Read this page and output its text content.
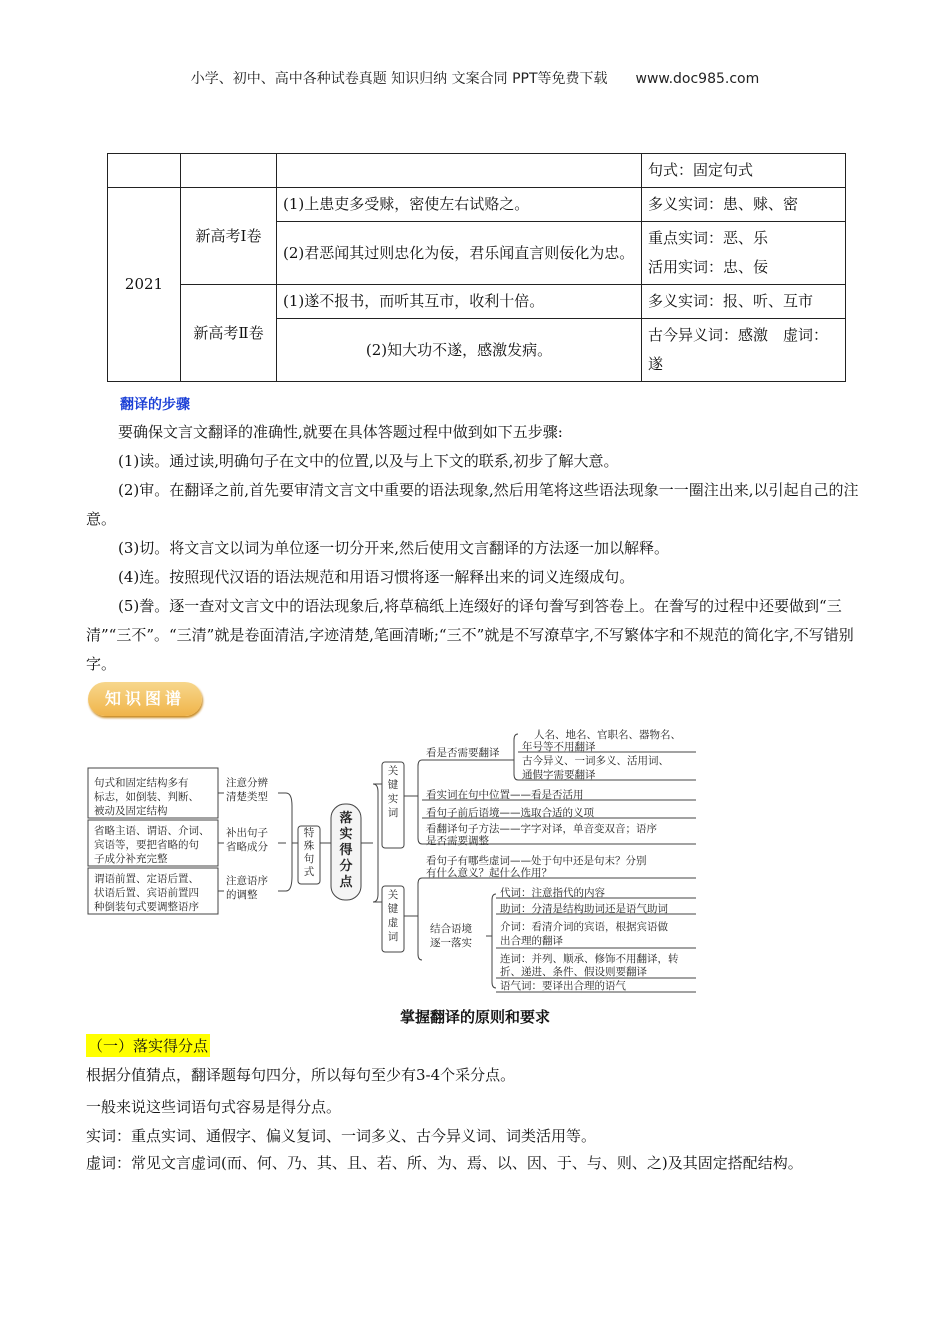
小学、初中、高中各种试卷真题 知识归纳 文案合同 PPT等免费下载 www.doc985.com
			句式：固定句式
2021	新高考Ⅰ卷	(1)上患吏多受赇，密使左右试赂之。	多义实词：患、赇、密
		(2)君恶闻其过则忠化为佞，君乐闻直言则佞化为忠。	重点实词：恶、乐
活用实词：忠、佞

	新高考Ⅱ卷	(1)遂不报书，而听其互市，收利十倍。	多义实词：报、听、互市
		(2)知大功不遂，感激发病。	古今异义词：感激　虚词：遂
翻译的步骤
要确保文言文翻译的准确性,就要在具体答题过程中做到如下五步骤:
(1)读。通过读,明确句子在文中的位置,以及与上下文的联系,初步了解大意。
(2)审。在翻译之前,首先要审清文言文中重要的语法现象,然后用笔将这些语法现象一一圈注出来,以引起自己的注意。
(3)切。将文言文以词为单位逐一切分开来,然后使用文言翻译的方法逐一加以解释。
(4)连。按照现代汉语的语法规范和用语习惯将逐一解释出来的词义连缀成句。
(5)誊。逐一查对文言文中的语法现象后,将草稿纸上连缀好的译句誊写到答卷上。在誊写的过程中还要做到“三清”“三不”。“三清”就是卷面清洁,字迹清楚,笔画清晰;“三不”就是不写潦草字,不写繁体字和不规范的简化字,不写错别字。
知识图谱
句式和固定结构多有
标志，如倒装、判断、
被动及固定结构
注意分辨
清楚类型
省略主语、谓语、介词、
宾语等，要把省略的句
子成分补充完整
补出句子
省略成分
谓语前置、定语后置、
状语后置、宾语前置四
种倒装句式要调整语序
注意语序
的调整
特殊句式
落实得分点
关键实词
关键虚词
看是否需要翻译
人名、地名、官职名、器物名、
年号等不用翻译
古今异义、一词多义、活用词、
通假字需要翻译
看实词在句中位置——看是否活用
看句子前后语境——选取合适的义项
看翻译句子方法——字字对译，单音变双音；语序
是否需要调整
看句子有哪些虚词——处于句中还是句末？分别
有什么意义？起什么作用？
结合语境
逐一落实
代词：注意指代的内容
助词：分清是结构助词还是语气助词
介词：看清介词的宾语，根据宾语做
出合理的翻译
连词：并列、顺承、修饰不用翻译，转
折、递进、条件、假设则要翻译
语气词：要译出合理的语气
掌握翻译的原则和要求
（一）落实得分点
根据分值猜点，翻译题每句四分，所以每句至少有3-4个采分点。
一般来说这些词语句式容易是得分点。
实词：重点实词、通假字、偏义复词、一词多义、古今异义词、词类活用等。
虚词：常见文言虚词(而、何、乃、其、且、若、所、为、焉、以、因、于、与、则、之)及其固定搭配结构。
